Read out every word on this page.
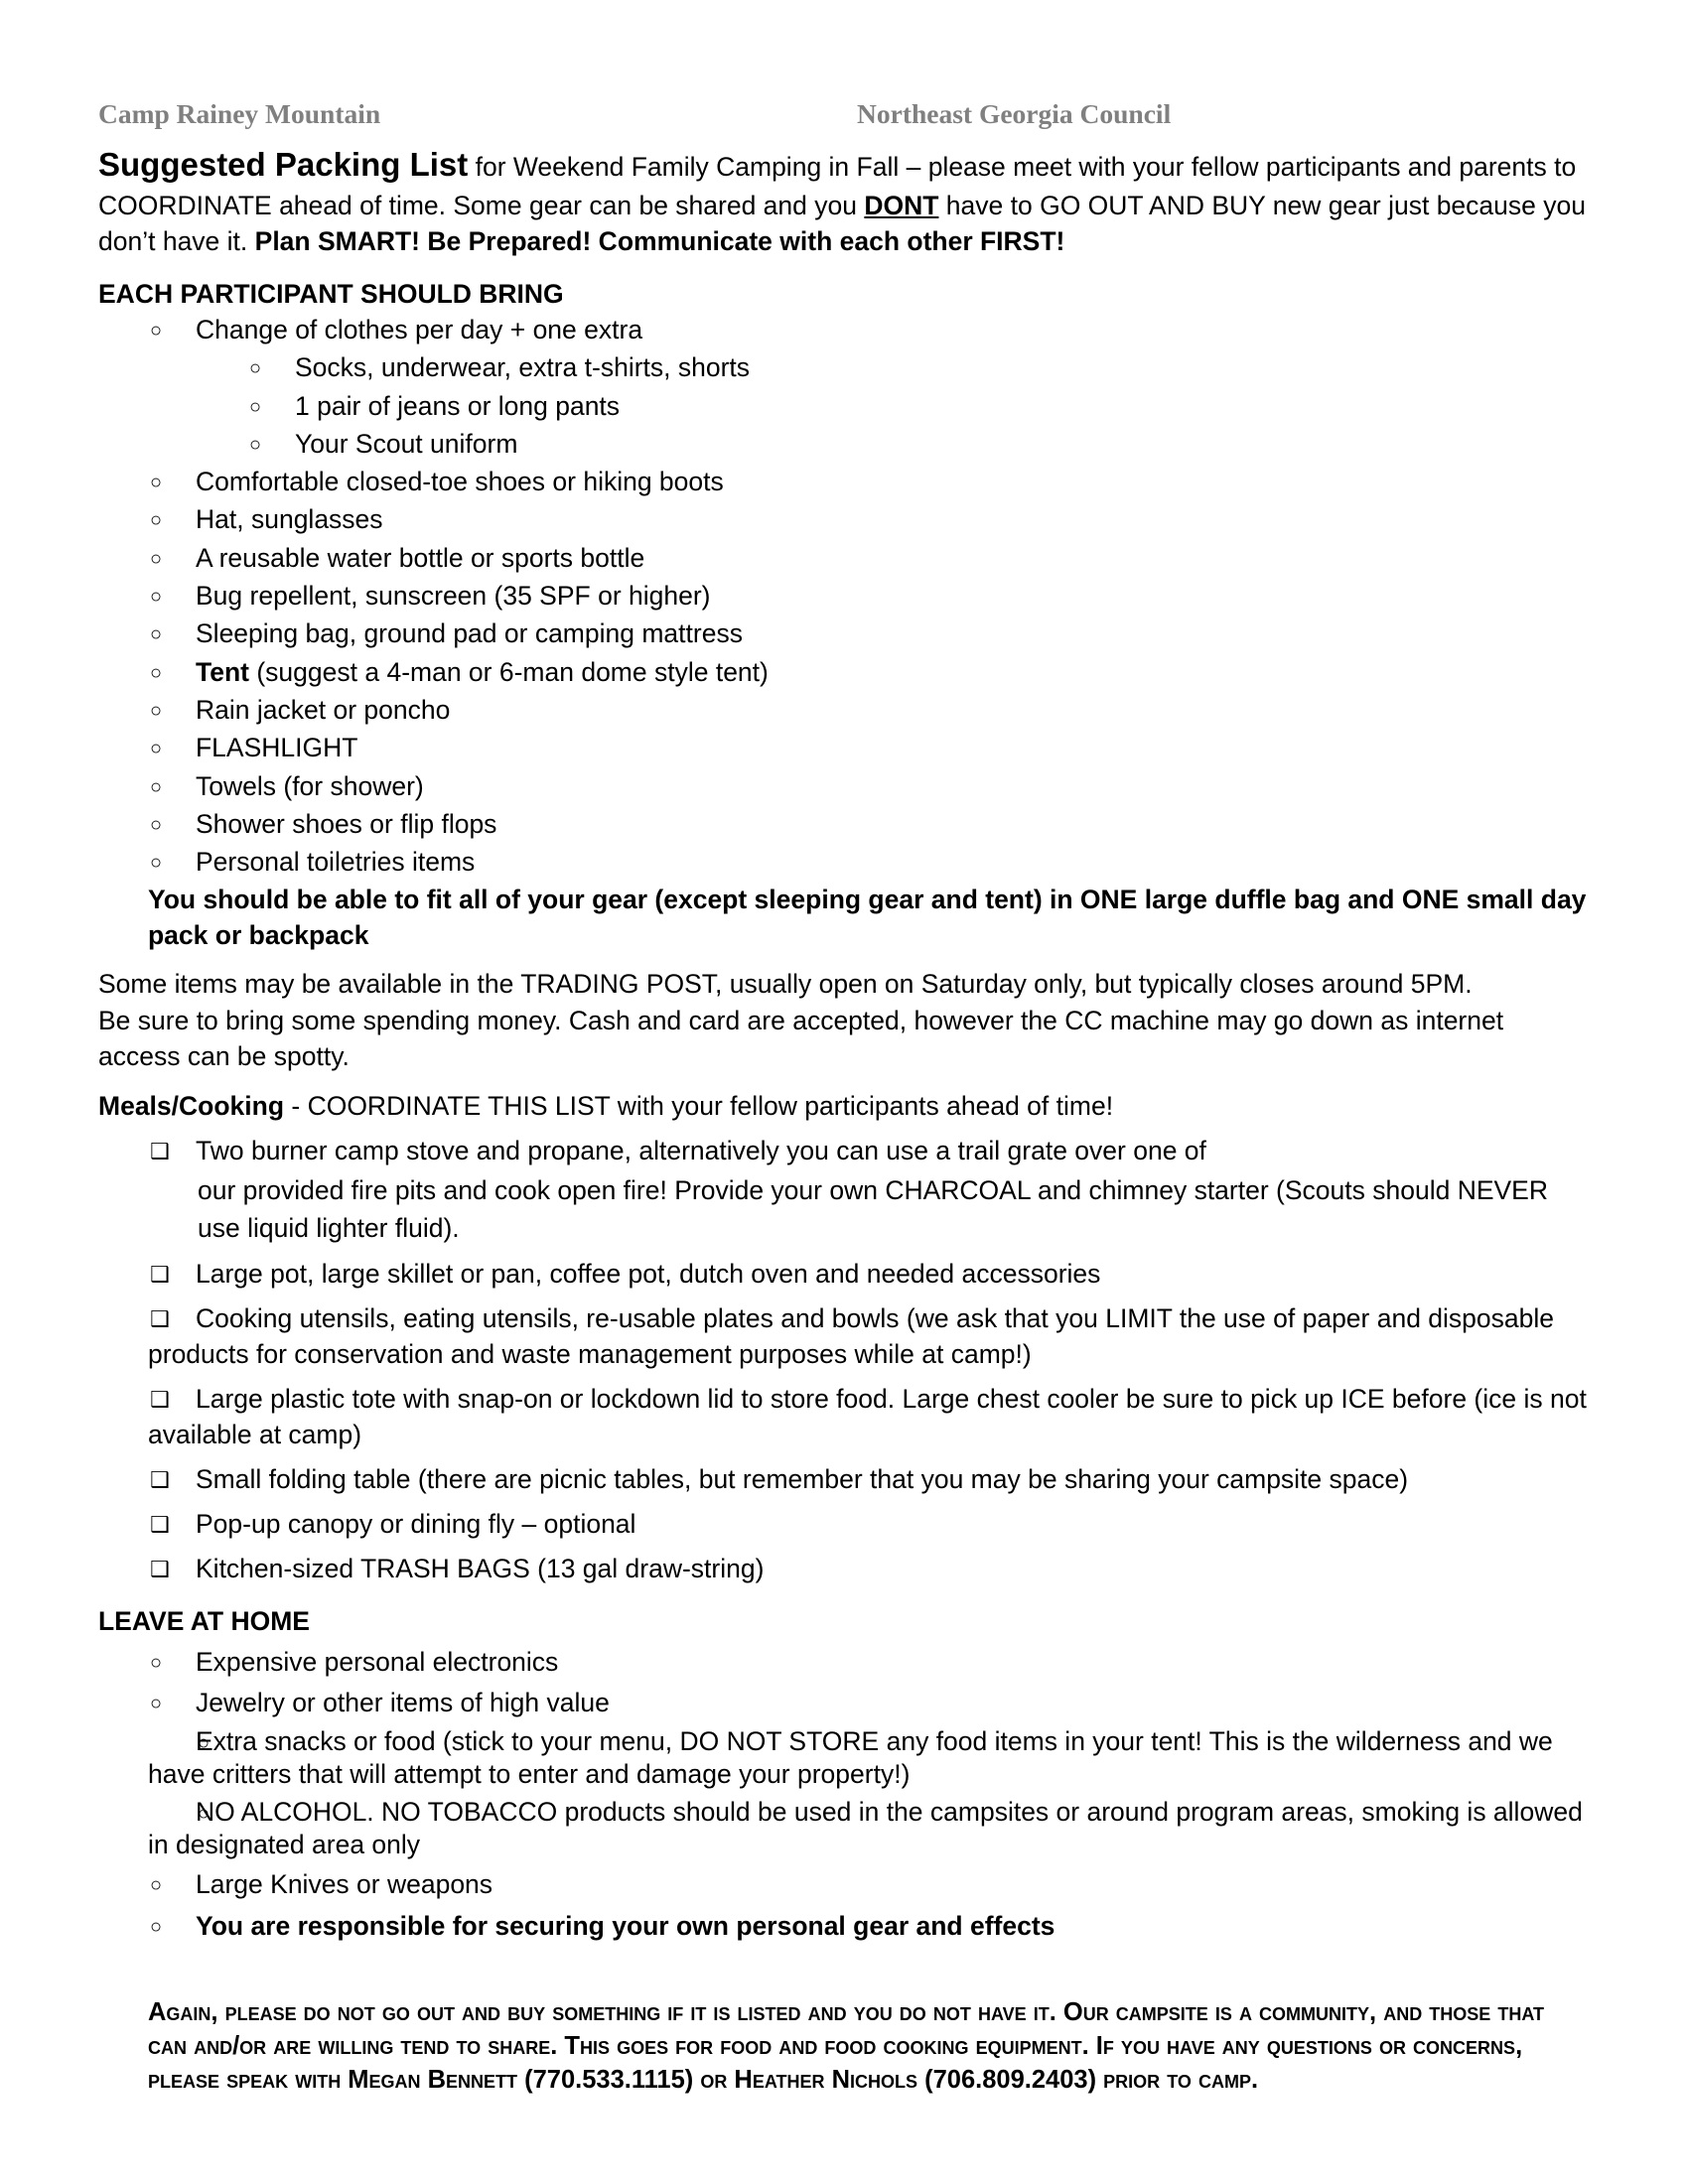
Camp Rainey Mountain	Northeast Georgia Council

Suggested Packing List for Weekend Family Camping in Fall – please meet with your fellow participants and parents to COORDINATE ahead of time. Some gear can be shared and you DONT have to GO OUT AND BUY new gear just because you don’t have it. Plan SMART! Be Prepared! Communicate with each other FIRST!

EACH PARTICIPANT SHOULD BRING

○ Change of clothes per day + one extra
○ Socks, underwear, extra t-shirts, shorts
○ 1 pair of jeans or long pants
○ Your Scout uniform
○ Comfortable closed-toe shoes or hiking boots
○ Hat, sunglasses
○ A reusable water bottle or sports bottle
○ Bug repellent, sunscreen (35 SPF or higher)
○ Sleeping bag, ground pad or camping mattress
○ Tent (suggest a 4-man or 6-man dome style tent)
○ Rain jacket or poncho
○ FLASHLIGHT
○ Towels (for shower)
○ Shower shoes or flip flops
○ Personal toiletries items

You should be able to fit all of your gear (except sleeping gear and tent) in ONE large duffle bag and ONE small day pack or backpack

Some items may be available in the TRADING POST, usually open on Saturday only, but typically closes around 5PM.

Be sure to bring some spending money. Cash and card are accepted, however the CC machine may go down as internet access can be spotty.

Meals/Cooking - COORDINATE THIS LIST with your fellow participants ahead of time!

❑ Two burner camp stove and propane, alternatively you can use a trail grate over one of

our provided fire pits and cook open fire! Provide your own CHARCOAL and chimney starter (Scouts should NEVER use liquid lighter fluid).

❑ Large pot, large skillet or pan, coffee pot, dutch oven and needed accessories
❑ Cooking utensils, eating utensils, re-usable plates and bowls (we ask that you LIMIT the use of paper and disposable products for conservation and waste management purposes while at camp!)
❑ Large plastic tote with snap-on or lockdown lid to store food. Large chest cooler be sure to pick up ICE before (ice is not available at camp)
❑ Small folding table (there are picnic tables, but remember that you may be sharing your campsite space)
❑ Pop-up canopy or dining fly – optional
❑ Kitchen-sized TRASH BAGS (13 gal draw-string)

LEAVE AT HOME

○ Expensive personal electronics
○ Jewelry or other items of high value
○ Extra snacks or food (stick to your menu, DO NOT STORE any food items in your tent! This is the wilderness and we have critters that will attempt to enter and damage your property!)
○ NO ALCOHOL. NO TOBACCO products should be used in the campsites or around program areas, smoking is allowed in designated area only
○ Large Knives or weapons
○ You are responsible for securing your own personal gear and effects

Again, please do not go out and buy something if it is listed and you do not have it. Our campsite is a community, and those that can and/or are willing tend to share. This goes for food and food cooking equipment. If you have any questions or concerns, please speak with Megan Bennett (770.533.1115) or Heather Nichols (706.809.2403) prior to camp.
